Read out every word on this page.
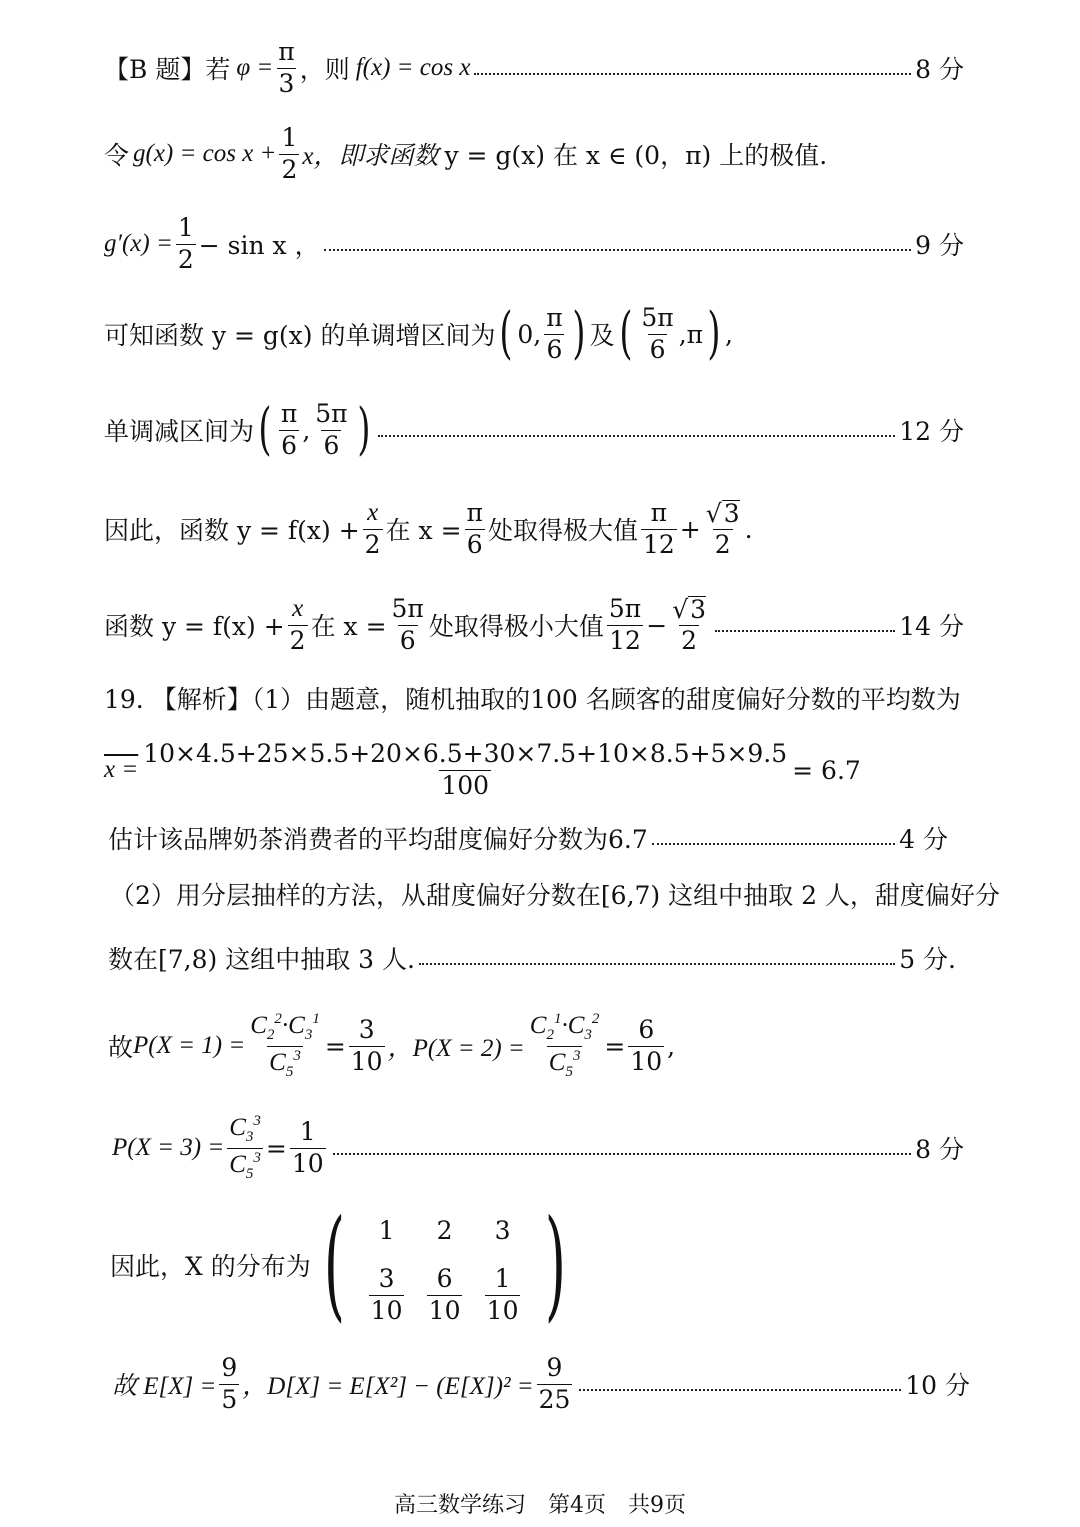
【B 题】若 $\varphi = \frac{\pi}{3}$ ，则 f(x) = cos x	8 分
令 $g(x) = \cos x + \frac{1}{2}$ x，即求函数 y = g(x) 在 x ∈ (0，π) 上的极值.
$g'(x) = \frac{1}{2} - \sin x$ ，	9 分
可知函数 y = g(x) 的单调增区间为 ( 0, $\frac{\pi}{6}$ ) 及 ( $\frac{5\pi}{6} ,\pi$ ) ,
单调减区间为 ( $\frac{\pi}{6}$ , $\frac{5\pi}{6}$ )	12 分
因此，函数 $y = f(x) + \frac{x}{2}$ 在 $x = \frac{\pi}{6}$ 处取得极大值 $\frac{\pi}{12} + \frac{√3}{2}$ .
函数 $y = f(x) + \frac{x}{2}$ 在 $x = \frac{5\pi}{6}$ 处取得极小大值 $\frac{5\pi}{12} - \frac{√3}{2}$	14 分
19. 【解析】（1）由题意，随机抽取的100 名顾客的甜度偏好分数的平均数为
$x = \frac{10\times 4.5+25\times 5.5+20\times 6.5+30\times 7.5+10\times 8.5+5\times 9.5}{100} = 6.7$
估计该品牌奶茶消费者的平均甜度偏好分数为6.7	4 分
（2）用分层抽样的方法，从甜度偏好分数在[6,7) 这组中抽取 2 人，甜度偏好分
数在[7,8) 这组中抽取 3 人.	5 分.
故 $P(X = 1) = \frac{C_2^2\cdot C_3^1}{C_5^3} = \frac{3}{10}$ ，$P(X = 2) = \frac{C_2^1\cdot C_3^2}{C_5^3} = \frac{6}{10}$ ,
$P(X = 3) = \frac{C_3^3}{C_5^3} = \frac{1}{10}$	8 分
因此，X 的分布为 ( 1 2 3
$\frac{3}{10} \frac{6}{10} \frac{1}{10}$ )
故 $E[X] = \frac{9}{5}$ ，$D[X] = E[X^2] - (E[X])^2 = \frac{9}{25}$	10 分
高三数学练习　第4页　共9页
